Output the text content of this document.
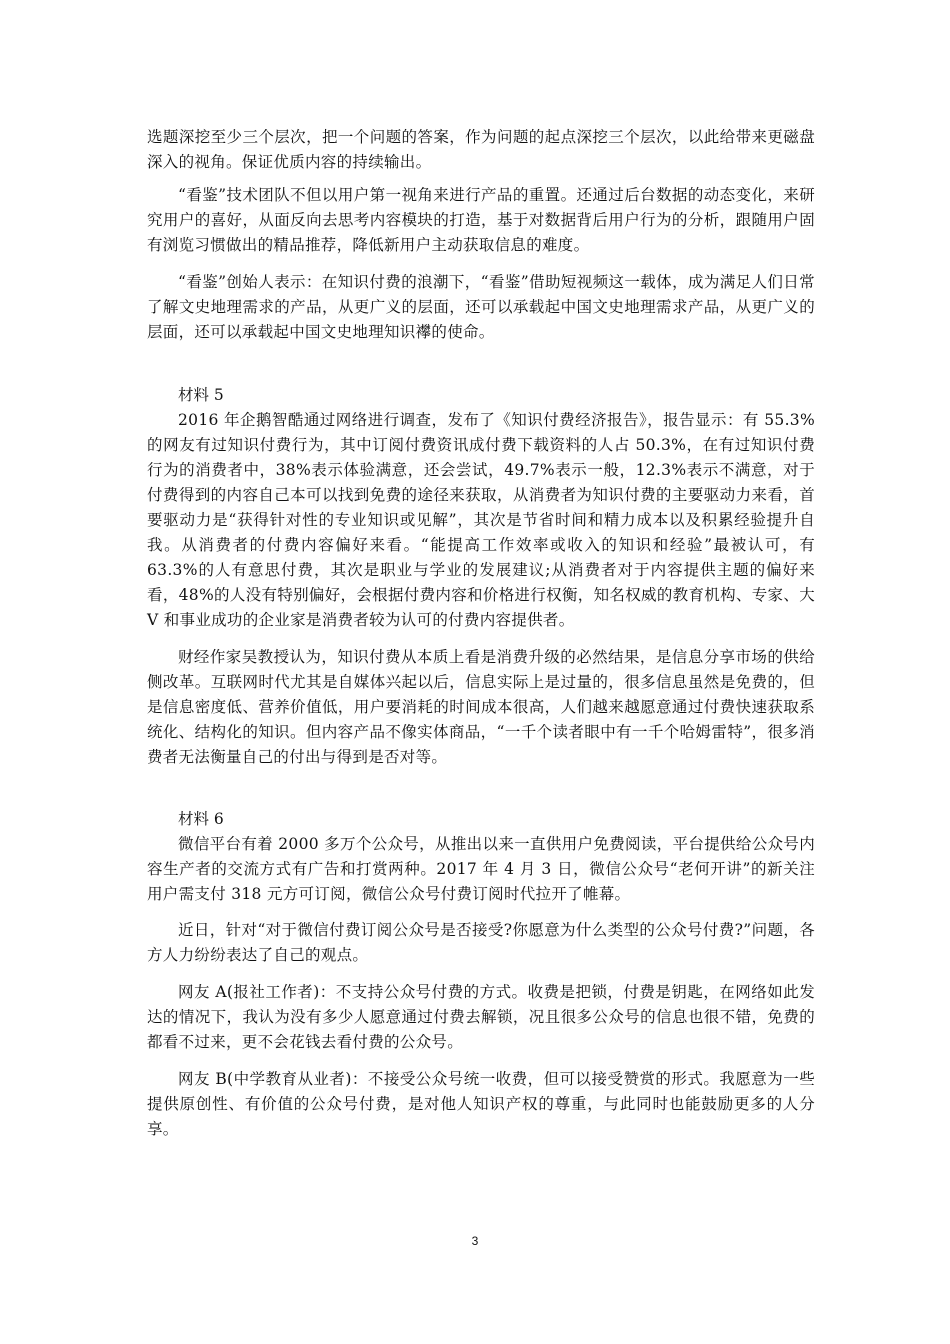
选题深挖至少三个层次，把一个问题的答案，作为问题的起点深挖三个层次，以此给带来更磁盘深入的视角。保证优质内容的持续输出。

“看鉴”技术团队不但以用户第一视角来进行产品的重置。还通过后台数据的动态变化，来研究用户的喜好，从面反向去思考内容模块的打造，基于对数据背后用户行为的分析，跟随用户固有浏览习惯做出的精品推荐，降低新用户主动获取信息的难度。

“看鉴”创始人表示：在知识付费的浪潮下，“看鉴”借助短视频这一载体，成为满足人们日常了解文史地理需求的产品，从更广义的层面，还可以承载起中国文史地理需求产品，从更广义的层面，还可以承载起中国文史地理知识襻的使命。

材料 5

2016 年企鹅智酷通过网络进行调查，发布了《知识付费经济报告》，报告显示：有 55.3%的网友有过知识付费行为，其中订阅付费资讯成付费下载资料的人占 50.3%，在有过知识付费行为的消费者中，38%表示体验满意，还会尝试，49.7%表示一般，12.3%表示不满意，对于付费得到的内容自己本可以找到免费的途径来获取，从消费者为知识付费的主要驱动力来看，首要驱动力是“获得针对性的专业知识或见解”，其次是节省时间和精力成本以及积累经验提升自我。从消费者的付费内容偏好来看。“能提高工作效率或收入的知识和经验”最被认可，有 63.3%的人有意思付费，其次是职业与学业的发展建议;从消费者对于内容提供主题的偏好来看，48%的人没有特别偏好，会根据付费内容和价格进行权衡，知名权威的教育机构、专家、大 V 和事业成功的企业家是消费者较为认可的付费内容提供者。

财经作家吴教授认为，知识付费从本质上看是消费升级的必然结果，是信息分享市场的供给侧改革。互联网时代尤其是自媒体兴起以后，信息实际上是过量的，很多信息虽然是免费的，但是信息密度低、营养价值低，用户要消耗的时间成本很高，人们越来越愿意通过付费快速获取系统化、结构化的知识。但内容产品不像实体商品，“一千个读者眼中有一千个哈姆雷特”，很多消费者无法衡量自己的付出与得到是否对等。

材料 6

微信平台有着 2000 多万个公众号，从推出以来一直供用户免费阅读，平台提供给公众号内容生产者的交流方式有广告和打赏两种。2017 年 4 月 3 日，微信公众号“老何开讲”的新关注用户需支付 318 元方可订阅，微信公众号付费订阅时代拉开了帷幕。

近日，针对“对于微信付费订阅公众号是否接受?你愿意为什么类型的公众号付费?”问题，各方人力纷纷表达了自己的观点。

网友 A(报社工作者)：不支持公众号付费的方式。收费是把锁，付费是钥匙，在网络如此发达的情况下，我认为没有多少人愿意通过付费去解锁，况且很多公众号的信息也很不错，免费的都看不过来，更不会花钱去看付费的公众号。

网友 B(中学教育从业者)：不接受公众号统一收费，但可以接受赞赏的形式。我愿意为一些提供原创性、有价值的公众号付费，是对他人知识产权的尊重，与此同时也能鼓励更多的人分享。

3
